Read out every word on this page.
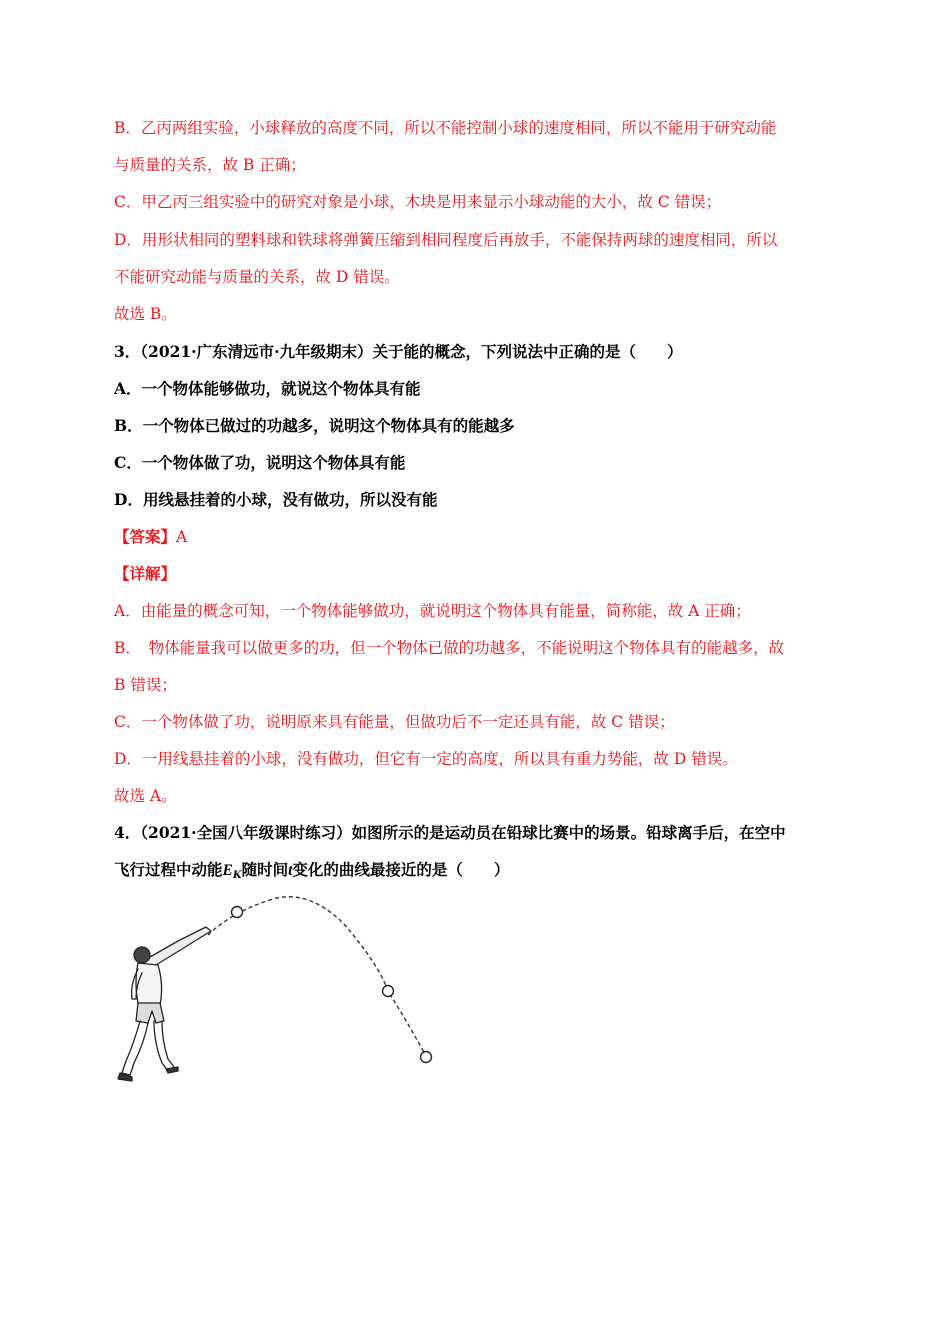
B．乙丙两组实验，小球释放的高度不同，所以不能控制小球的速度相同，所以不能用于研究动能
与质量的关系，故 B 正确；
C．甲乙丙三组实验中的研究对象是小球，木块是用来显示小球动能的大小，故 C 错误；
D．用形状相同的塑料球和铁球将弹簧压缩到相同程度后再放手，不能保持两球的速度相同，所以
不能研究动能与质量的关系，故 D 错误。
故选 B。
3．（2021·广东清远市·九年级期末）关于能的概念，下列说法中正确的是（　　）
A．一个物体能够做功，就说这个物体具有能
B．一个物体已做过的功越多，说明这个物体具有的能越多
C．一个物体做了功，说明这个物体具有能
D．用线悬挂着的小球，没有做功，所以没有能
【答案】A
【详解】
A．由能量的概念可知，一个物体能够做功，就说明这个物体具有能量，简称能，故 A 正确；
B．　物体能量我可以做更多的功，但一个物体已做的功越多，不能说明这个物体具有的能越多，故
B 错误；
C．一个物体做了功，说明原来具有能量，但做功后不一定还具有能，故 C 错误；
D．一用线悬挂着的小球，没有做功，但它有一定的高度，所以具有重力势能，故 D 错误。
故选 A。
4．（2021·全国八年级课时练习）如图所示的是运动员在铅球比赛中的场景。铅球离手后，在空中
飞行过程中动能$E_K$随时间t变化的曲线最接近的是（　　）
